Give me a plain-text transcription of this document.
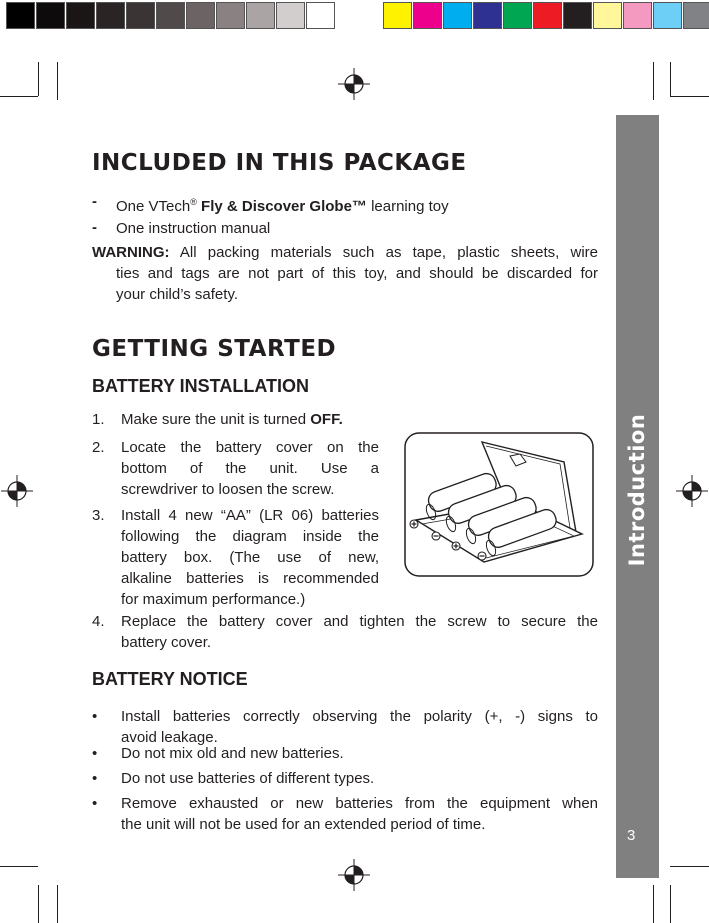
Introduction
3
INCLUDED IN THIS PACKAGE
- One VTech® Fly & Discover Globe™ learning toy
- One instruction manual
WARNING: All packing materials such as tape, plastic sheets, wire
ties and tags are not part of this toy, and should be discarded for
your child’s safety.
GETTING STARTED
BATTERY INSTALLATION
1. Make sure the unit is turned OFF.
2. Locate the battery cover on the
bottom of the unit. Use a
screwdriver to loosen the screw.
3. Install 4 new “AA” (LR 06) batteries
following the diagram inside the
battery box. (The use of new,
alkaline batteries is recommended
for maximum performance.)
4. Replace the battery cover and tighten the screw to secure the
battery cover.
BATTERY NOTICE
• Install batteries correctly observing the polarity (+, -) signs to
avoid leakage.
• Do not mix old and new batteries.
• Do not use batteries of different types.
• Remove exhausted or new batteries from the equipment when
the unit will not be used for an extended period of time.
